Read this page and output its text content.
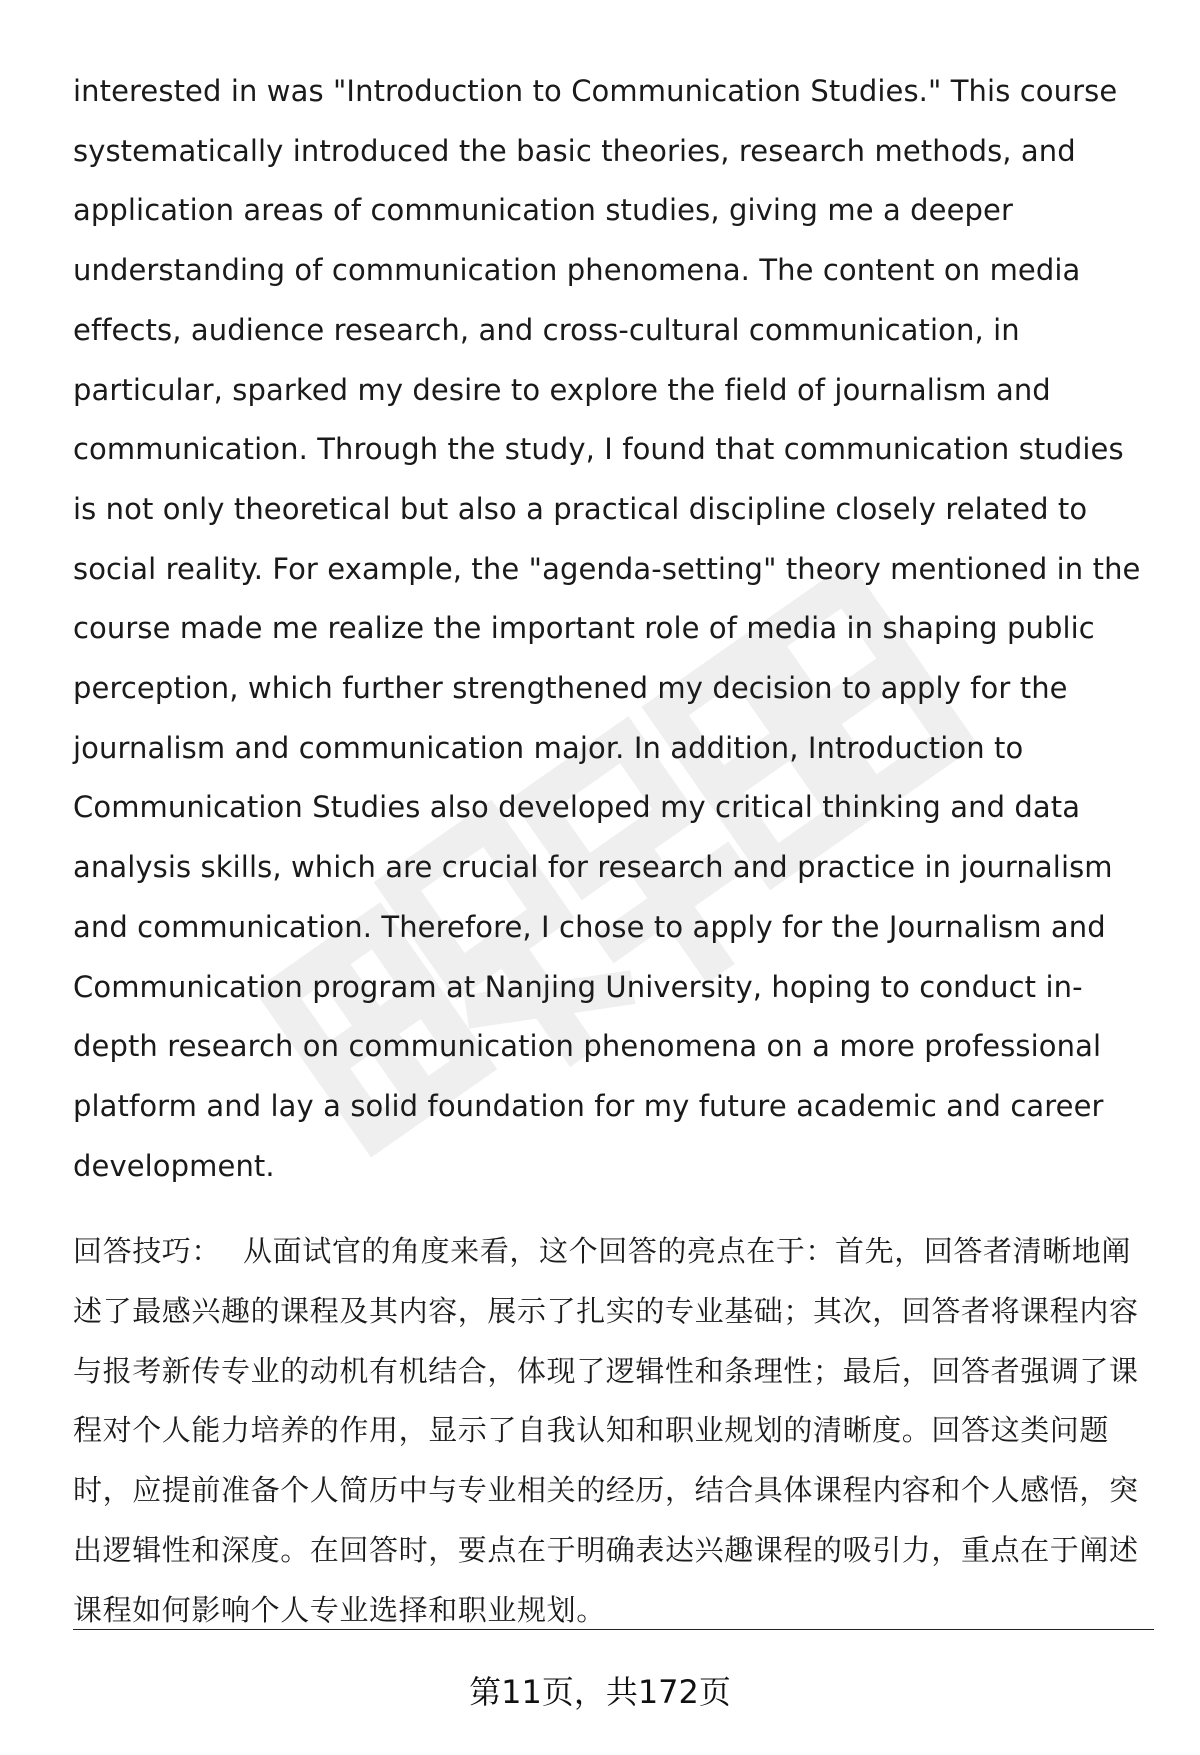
interested in was "Introduction to Communication Studies." This course systematically introduced the basic theories, research methods, and application areas of communication studies, giving me a deeper understanding of communication phenomena. The content on media effects, audience research, and cross-cultural communication, in particular, sparked my desire to explore the field of journalism and communication. Through the study, I found that communication studies is not only theoretical but also a practical discipline closely related to social reality. For example, the "agenda-setting" theory mentioned in the course made me realize the important role of media in shaping public perception, which further strengthened my decision to apply for the journalism and communication major. In addition, Introduction to Communication Studies also developed my critical thinking and data analysis skills, which are crucial for research and practice in journalism and communication. Therefore, I chose to apply for the Journalism and Communication program at Nanjing University, hoping to conduct in-depth research on communication phenomena on a more professional platform and lay a solid foundation for my future academic and career development.

回答技巧： 从面试官的角度来看，这个回答的亮点在于：首先，回答者清晰地阐述了最感兴趣的课程及其内容，展示了扎实的专业基础；其次，回答者将课程内容与报考新传专业的动机有机结合，体现了逻辑性和条理性；最后，回答者强调了课程对个人能力培养的作用，显示了自我认知和职业规划的清晰度。回答这类问题时，应提前准备个人简历中与专业相关的经历，结合具体课程内容和个人感悟，突出逻辑性和深度。在回答时，要点在于明确表达兴趣课程的吸引力，重点在于阐述课程如何影响个人专业选择和职业规划。

第11页，共172页
